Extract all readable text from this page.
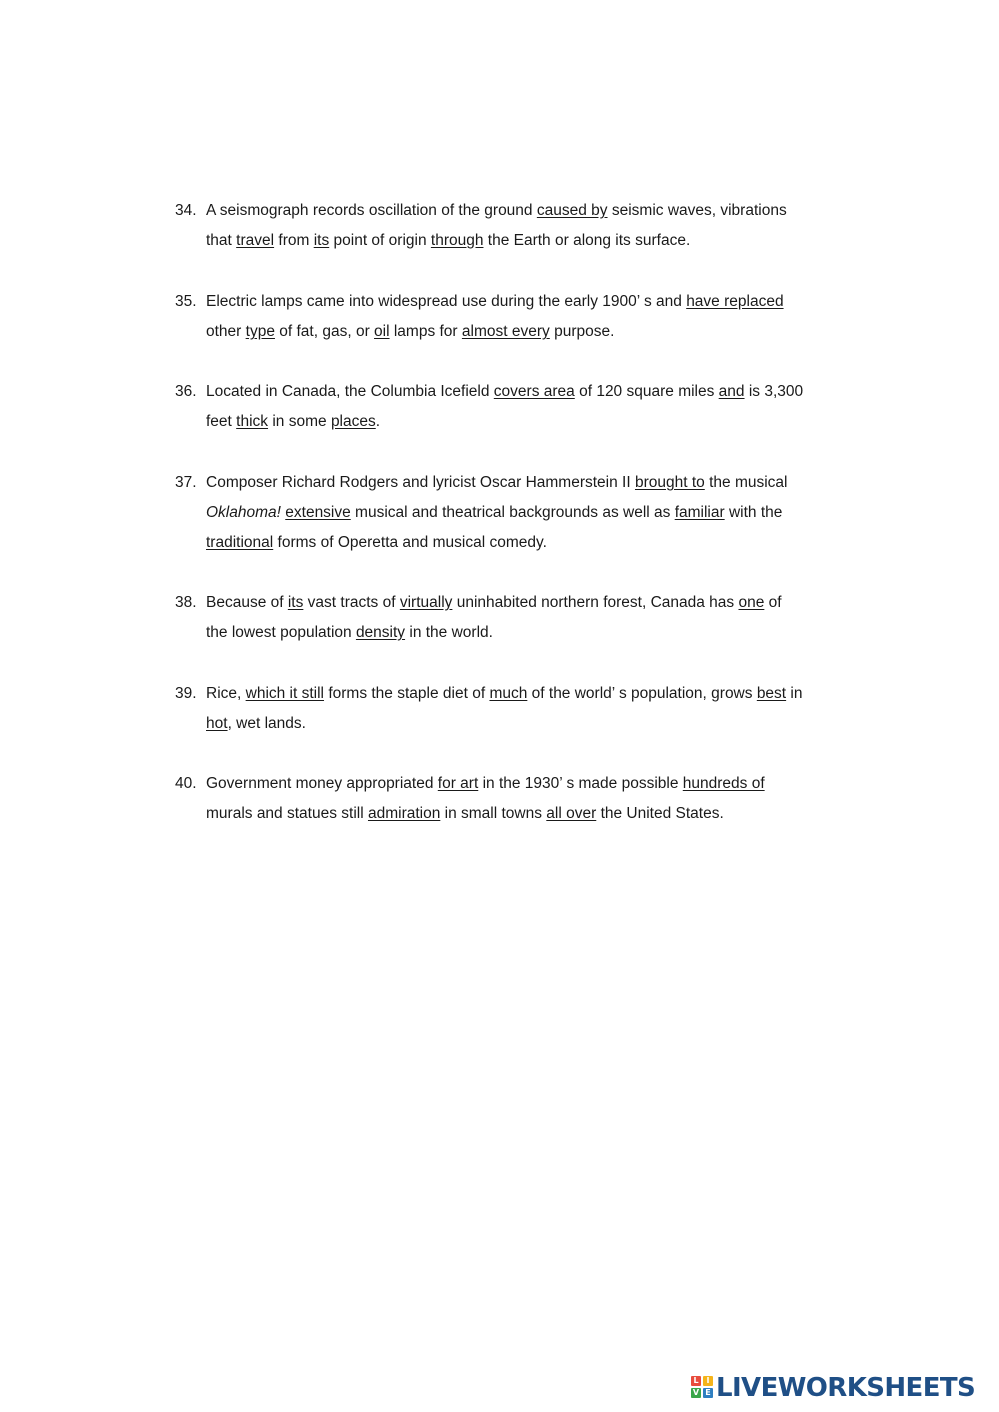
34. A seismograph records oscillation of the ground caused by seismic waves, vibrations
that travel from its point of origin through the Earth or along its surface.
35. Electric lamps came into widespread use during the early 1900’ s and have replaced
other type of fat, gas, or oil lamps for almost every purpose.
36. Located in Canada, the Columbia Icefield covers area of 120 square miles and is 3,300
feet thick in some places.
37. Composer Richard Rodgers and lyricist Oscar Hammerstein II brought to the musical
Oklahoma! extensive musical and theatrical backgrounds as well as familiar with the
traditional forms of Operetta and musical comedy.
38. Because of its vast tracts of virtually uninhabited northern forest, Canada has one of
the lowest population density in the world.
39. Rice, which it still forms the staple diet of much of the world’ s population, grows best in
hot, wet lands.
40. Government money appropriated for art in the 1930’ s made possible hundreds of
murals and statues still admiration in small towns all over the United States.
L I
V E LIVEWORKSHEETS
